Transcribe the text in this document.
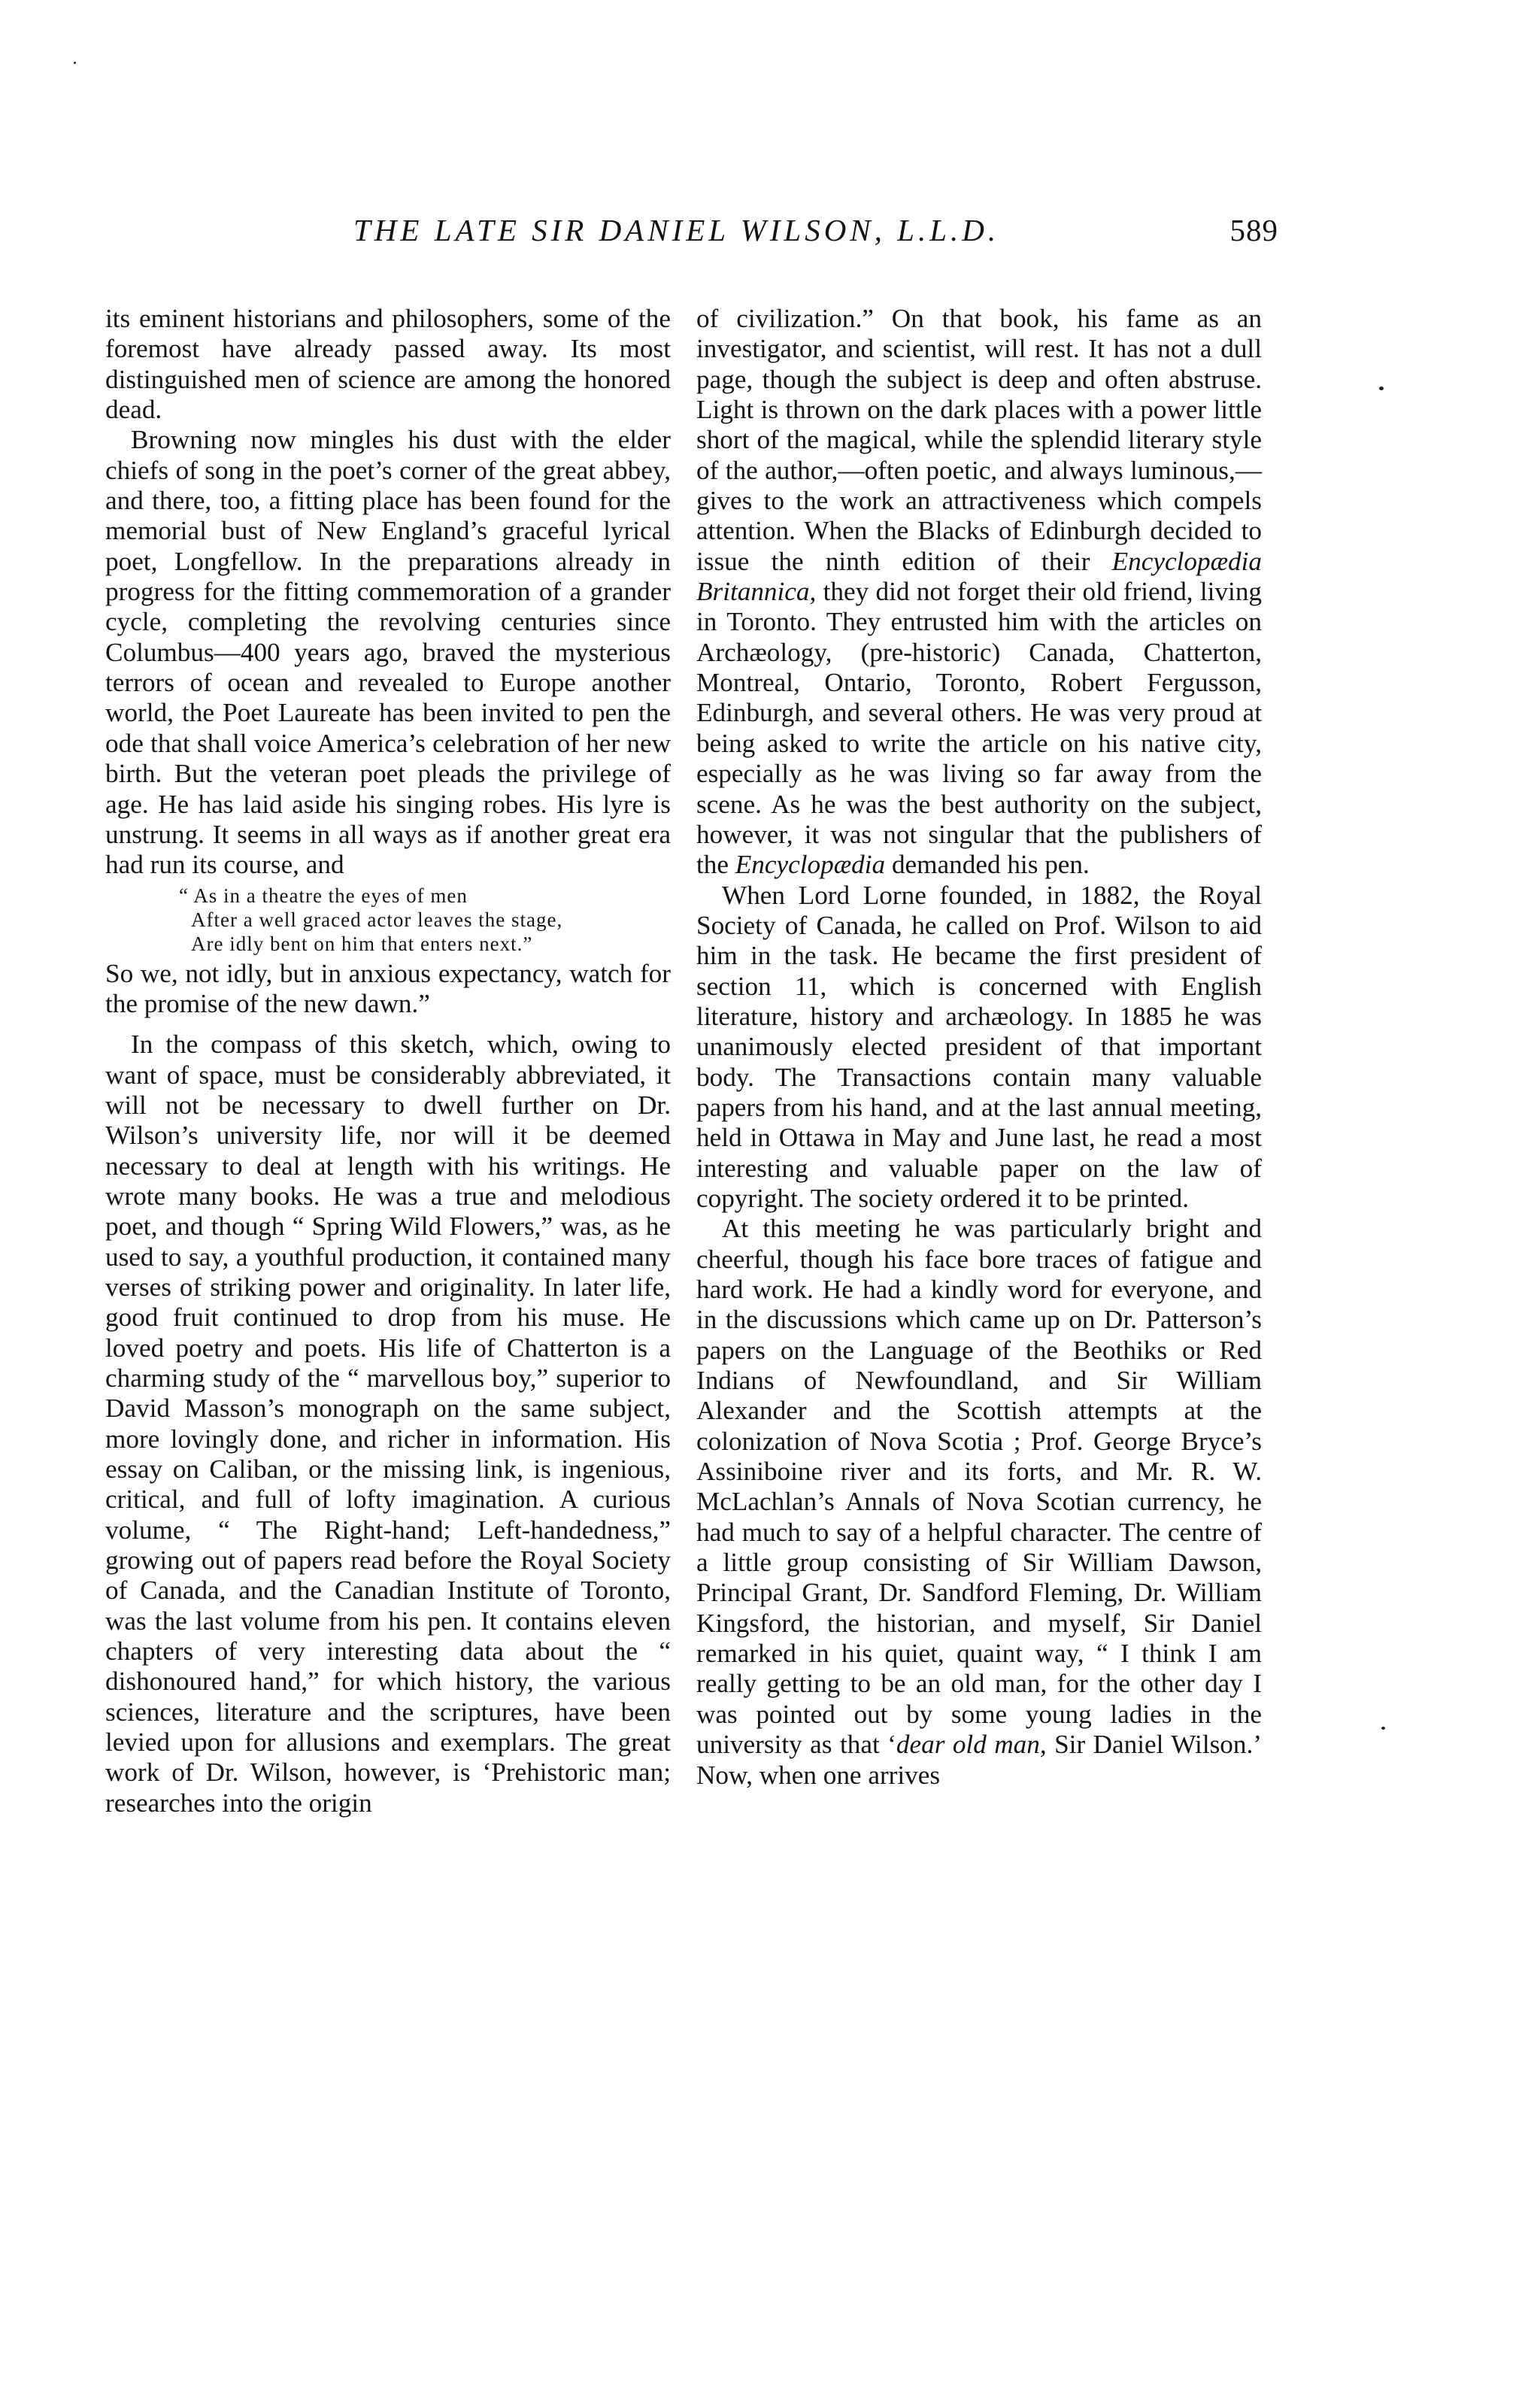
THE LATE SIR DANIEL WILSON, L.L.D.	589

its eminent historians and philosophers, some of the foremost have already passed away. Its most distinguished men of science are among the honored dead.

Browning now mingles his dust with the elder chiefs of song in the poet’s corner of the great abbey, and there, too, a fitting place has been found for the memorial bust of New England’s graceful lyrical poet, Longfellow. In the preparations already in progress for the fitting commemoration of a grander cycle, completing the revolving centuries since Columbus—400 years ago, braved the mysterious terrors of ocean and revealed to Europe another world, the Poet Laureate has been invited to pen the ode that shall voice America’s celebration of her new birth. But the veteran poet pleads the privilege of age. He has laid aside his singing robes. His lyre is unstrung. It seems in all ways as if another great era had run its course, and

“ As in a theatre the eyes of men
After a well graced actor leaves the stage,
Are idly bent on him that enters next.”

So we, not idly, but in anxious expectancy, watch for the promise of the new dawn.”

In the compass of this sketch, which, owing to want of space, must be considerably abbreviated, it will not be necessary to dwell further on Dr. Wilson’s university life, nor will it be deemed necessary to deal at length with his writings. He wrote many books. He was a true and melodious poet, and though “ Spring Wild Flowers,” was, as he used to say, a youthful production, it contained many verses of striking power and originality. In later life, good fruit continued to drop from his muse. He loved poetry and poets. His life of Chatterton is a charming study of the “ marvellous boy,” superior to David Masson’s monograph on the same subject, more lovingly done, and richer in information. His essay on Caliban, or the missing link, is ingenious, critical, and full of lofty imagination. A curious volume, “ The Right-hand; Left-handedness,” growing out of papers read before the Royal Society of Canada, and the Canadian Institute of Toronto, was the last volume from his pen. It contains eleven chapters of very interesting data about the “ dishonoured hand,” for which history, the various sciences, literature and the scriptures, have been levied upon for allusions and exemplars. The great work of Dr. Wilson, however, is ‘Prehistoric man; researches into the origin

of civilization.” On that book, his fame as an investigator, and scientist, will rest. It has not a dull page, though the subject is deep and often abstruse. Light is thrown on the dark places with a power little short of the magical, while the splendid literary style of the author,—often poetic, and always luminous,—gives to the work an attractiveness which compels attention. When the Blacks of Edinburgh decided to issue the ninth edition of their Encyclopædia Britannica, they did not forget their old friend, living in Toronto. They entrusted him with the articles on Archæology, (pre-historic) Canada, Chatterton, Montreal, Ontario, Toronto, Robert Fergusson, Edinburgh, and several others. He was very proud at being asked to write the article on his native city, especially as he was living so far away from the scene. As he was the best authority on the subject, however, it was not singular that the publishers of the Encyclopædia demanded his pen.

When Lord Lorne founded, in 1882, the Royal Society of Canada, he called on Prof. Wilson to aid him in the task. He became the first president of section 11, which is concerned with English literature, history and archæology. In 1885 he was unanimously elected president of that important body. The Transactions contain many valuable papers from his hand, and at the last annual meeting, held in Ottawa in May and June last, he read a most interesting and valuable paper on the law of copyright. The society ordered it to be printed.

At this meeting he was particularly bright and cheerful, though his face bore traces of fatigue and hard work. He had a kindly word for everyone, and in the discussions which came up on Dr. Patterson’s papers on the Language of the Beothiks or Red Indians of Newfoundland, and Sir William Alexander and the Scottish attempts at the colonization of Nova Scotia ; Prof. George Bryce’s Assiniboine river and its forts, and Mr. R. W. McLachlan’s Annals of Nova Scotian currency, he had much to say of a helpful character. The centre of a little group consisting of Sir William Dawson, Principal Grant, Dr. Sandford Fleming, Dr. William Kingsford, the historian, and myself, Sir Daniel remarked in his quiet, quaint way, “ I think I am really getting to be an old man, for the other day I was pointed out by some young ladies in the university as that ‘dear old man, Sir Daniel Wilson.’ Now, when one arrives
